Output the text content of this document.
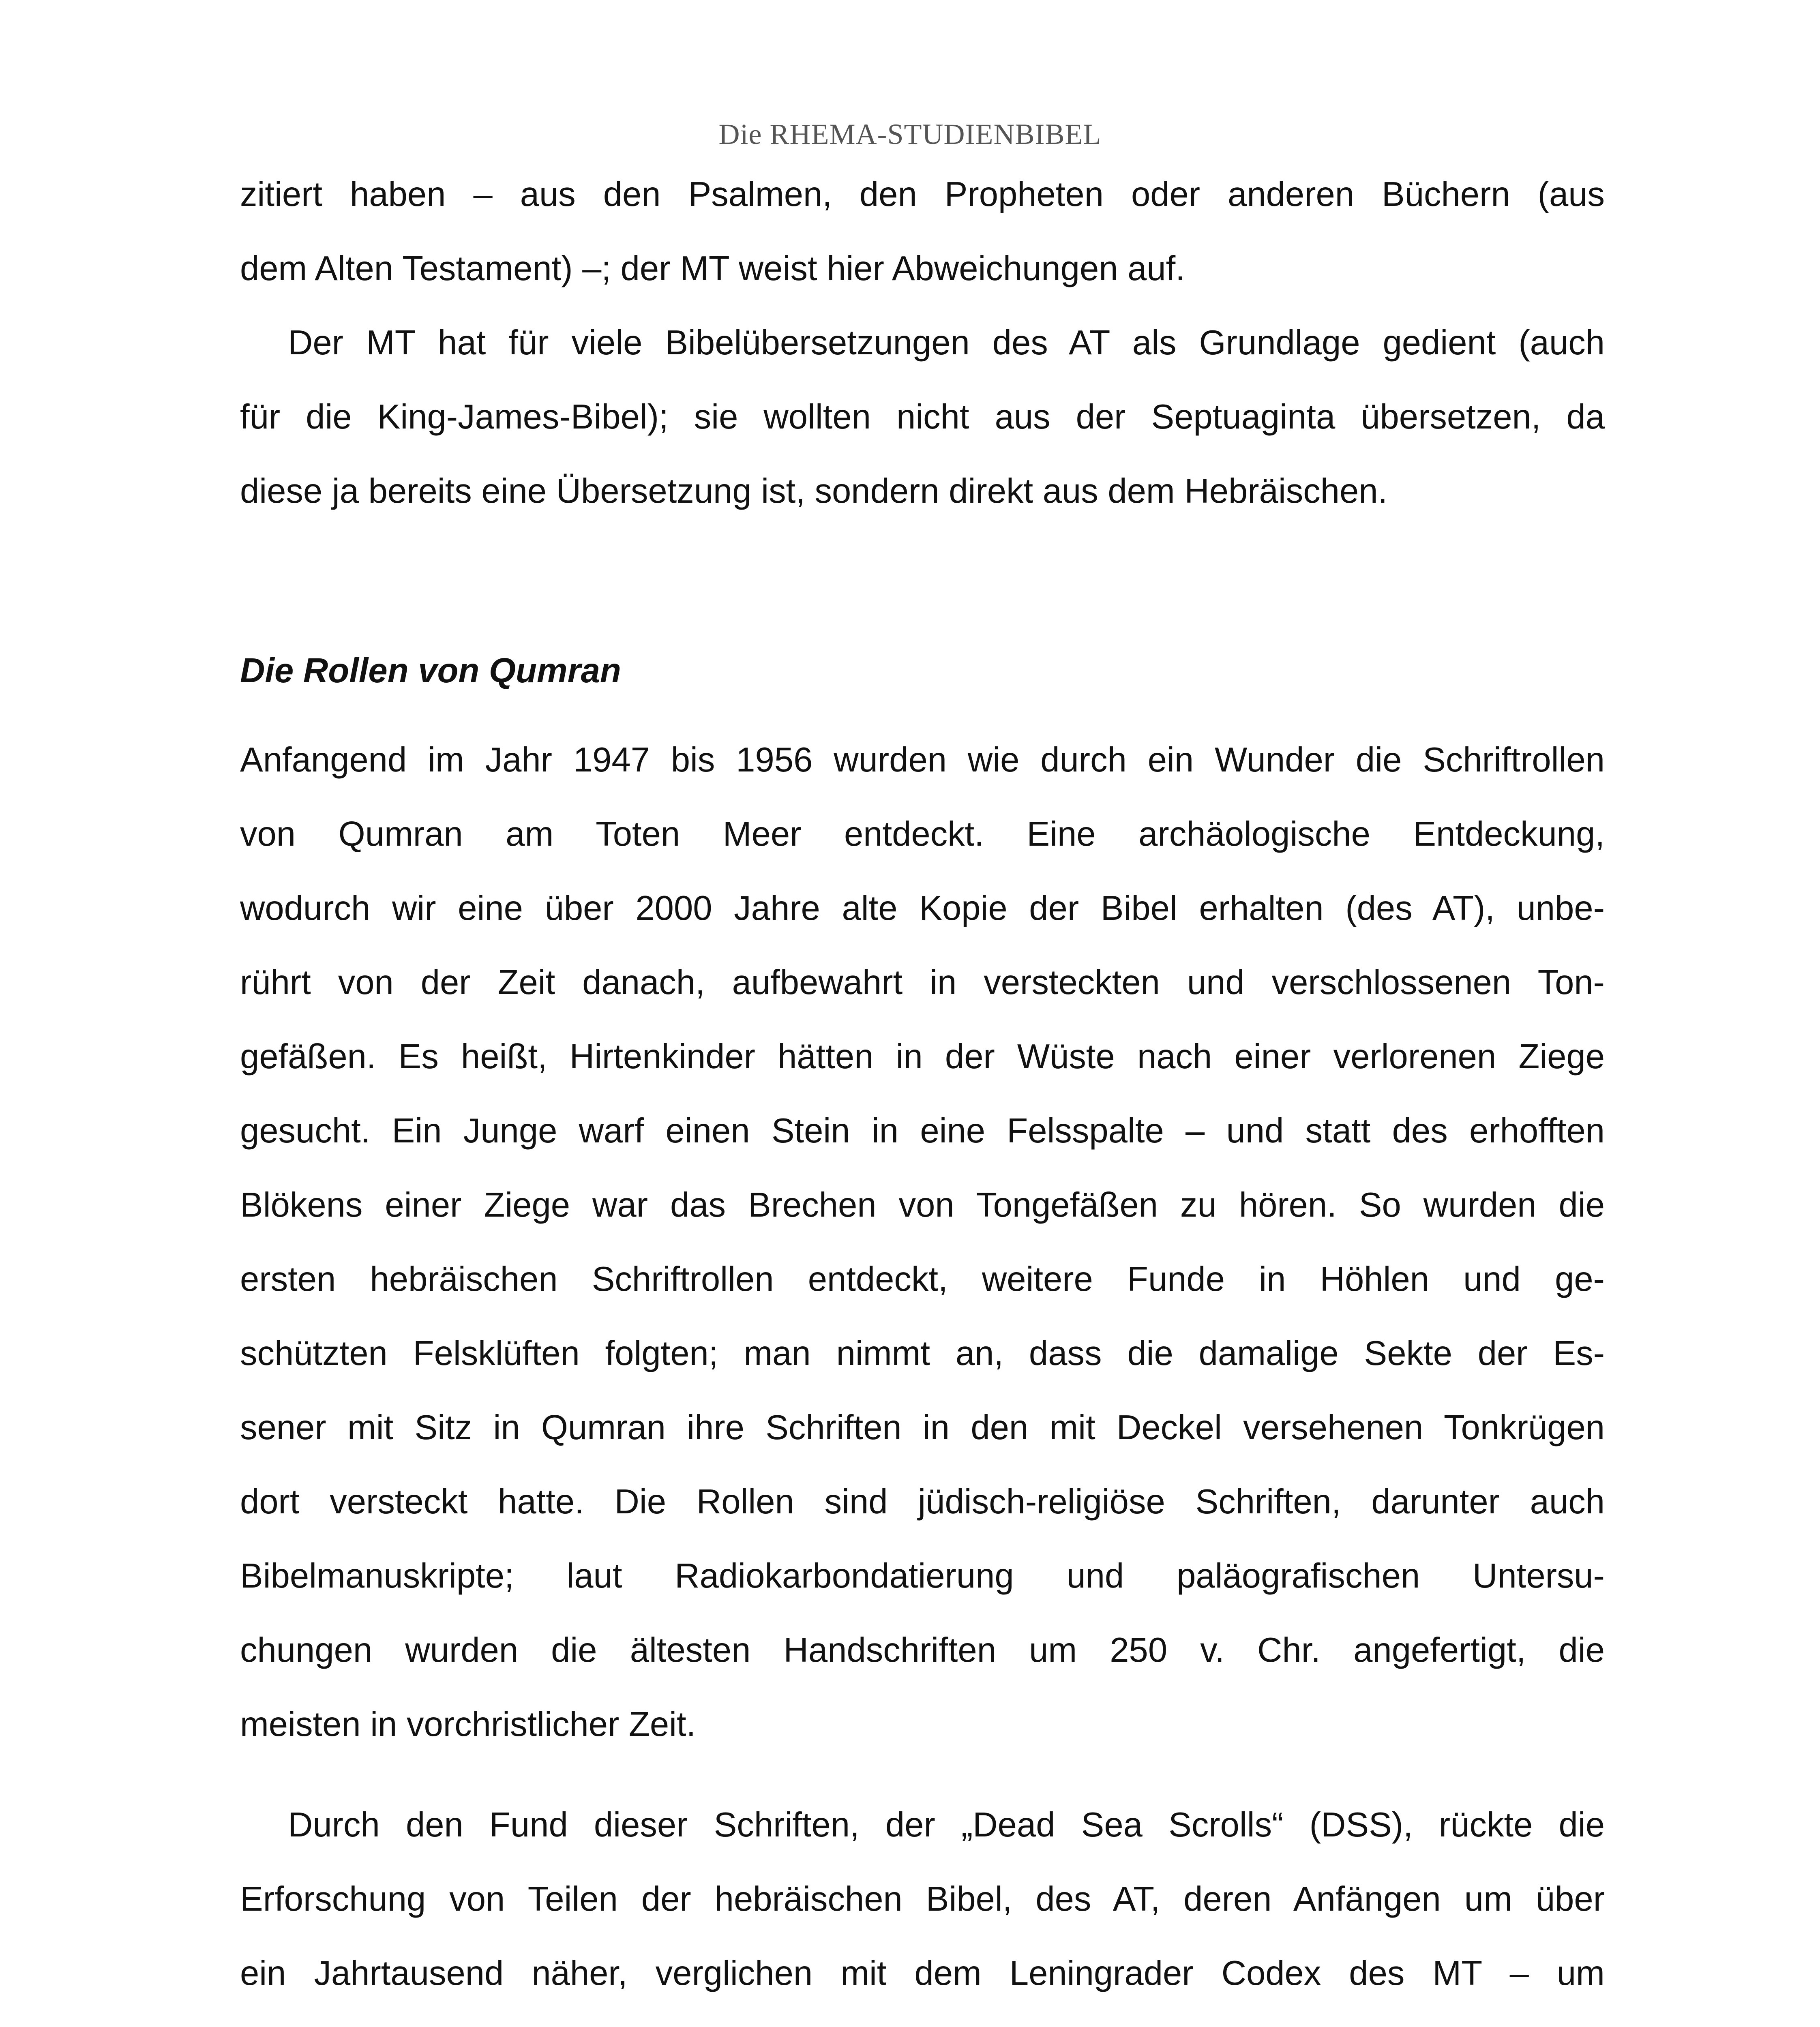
Die RHEMA-STUDIENBIBEL
zitiert haben – aus den Psalmen, den Propheten oder anderen Büchern (aus
dem Alten Testament) –; der MT weist hier Abweichungen auf.
Der MT hat für viele Bibelübersetzungen des AT als Grundlage gedient (auch
für die King-James-Bibel); sie wollten nicht aus der Septuaginta übersetzen, da
diese ja bereits eine Übersetzung ist, sondern direkt aus dem Hebräischen.
Die Rollen von Qumran
Anfangend im Jahr 1947 bis 1956 wurden wie durch ein Wunder die Schriftrollen
von Qumran am Toten Meer entdeckt. Eine archäologische Entdeckung,
wodurch wir eine über 2000 Jahre alte Kopie der Bibel erhalten (des AT), unbe-
rührt von der Zeit danach, aufbewahrt in versteckten und verschlossenen Ton-
gefäßen. Es heißt, Hirtenkinder hätten in der Wüste nach einer verlorenen Ziege
gesucht. Ein Junge warf einen Stein in eine Felsspalte – und statt des erhofften
Blökens einer Ziege war das Brechen von Tongefäßen zu hören. So wurden die
ersten hebräischen Schriftrollen entdeckt, weitere Funde in Höhlen und ge-
schützten Felsklüften folgten; man nimmt an, dass die damalige Sekte der Es-
sener mit Sitz in Qumran ihre Schriften in den mit Deckel versehenen Tonkrügen
dort versteckt hatte. Die Rollen sind jüdisch-religiöse Schriften, darunter auch
Bibelmanuskripte; laut Radiokarbondatierung und paläografischen Untersu-
chungen wurden die ältesten Handschriften um 250 v. Chr. angefertigt, die
meisten in vorchristlicher Zeit.
Durch den Fund dieser Schriften, der „Dead Sea Scrolls“ (DSS), rückte die
Erforschung von Teilen der hebräischen Bibel, des AT, deren Anfängen um über
ein Jahrtausend näher, verglichen mit dem Leningrader Codex des MT – um
